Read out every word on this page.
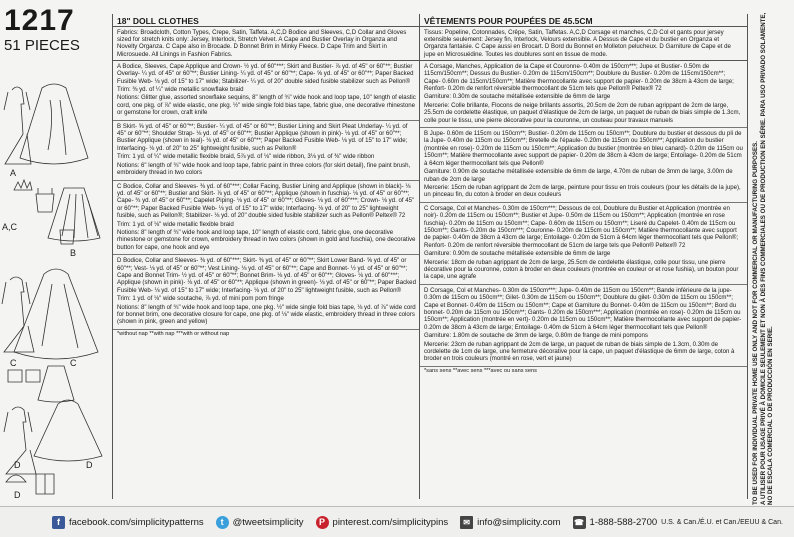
1217
51 PIECES
A
A,C
B
C	C
D	D
D
18" DOLL CLOTHES
Fabrics: Broadcloth, Cotton Types, Crepe, Satin, Taffeta. A,C,D Bodice and Sleeves, C,D Collar and Gloves sized for stretch knits only: Jersey, Interlock, Stretch Velvet. A Cape and Bustier Overlay in Organza and Novelty Organza. C Cape also in Brocade. D Bonnet Brim in Minky Fleece. D Cape Trim and Skirt in Microsuede. All Linings in Fashion Fabrics.

A Bodice, Sleeves, Cape Applique and Crown- ½ yd. of 60"***; Skirt and Bustier- ⅞ yd. of 45" or 60"**; Bustier Overlay- ¼ yd. of 45" or 60"**; Bustier Lining- ¼ yd. of 45" or 60"**; Cape- ⅝ yd. of 45" or 60"**; Paper Backed Fusible Web- ⅛ yd. of 15" to 17" wide; Stabilizer- ¼ yd. of 20" double sided fusible stabilizer such as Pellon®

Trim: ⅜ yd. of ¼" wide metallic snowflake braid

Notions: Glitter glue, assorted snowflake sequins, 8" length of ¾" wide hook and loop tape, 10" length of elastic cord, one pkg. of ⅞" wide elastic, one pkg. ½" wide single fold bias tape, fabric glue, one decorative rhinestone or gemstone for crown, craft knife

B Skirt- ⅝ yd. of 45" or 60"**; Bustier- ¼ yd. of 45" or 60"**; Bustier Lining and Skirt Pleat Underlay- ¼ yd. of 45" or 60"**; Shoulder Strap- ⅛ yd. of 45" or 60"**; Bustier Applique (shown in pink)- ⅛ yd. of 45" or 60"**; Bustier Applique (shown in teal)- ⅛ yd. of 45" or 60"**; Paper Backed Fusible Web- ⅛ yd. of 15" to 17" wide; Interfacing- ⅛ yd. of 20" to 25" lightweight fusible, such as Pellon®

Trim: 1 yd. of ¼" wide metallic flexible braid, 5⅞ yd. of ⅛" wide ribbon, 3⅛ yd. of ⅜" wide ribbon

Notions: 6" length of ¾" wide hook and loop tape, fabric paint in three colors (for skirt detail), fine paint brush, embroidery thread in two colors

C Bodice, Collar and Sleeves- ⅜ yd. of 60"***; Collar Facing, Bustier Lining and Applique (shown in black)- ⅛ yd. of 45" or 60"**; Bustier and Skirt- ⅞ yd. of 45" or 60"**; Applique (shown in fuschia)- ⅛ yd. of 45" or 60"**; Cape- ¾ yd. of 45" or 60"**; Capelet Piping- ⅛ yd. of 45" or 60"**; Gloves- ⅛ yd. of 60"***; Crown- ⅛ yd. of 45" or 60"**; Paper Backed Fusible Web- ⅛ yd. of 15" to 17" wide; Interfacing- ⅛ yd. of 20" to 25" lightweight fusible, such as Pellon®; Stabilizer- ⅛ yd. of 20" double sided fusible stabilizer such as Pellon® Peltex® 72

Trim: 1 yd. of ⅛" wide metallic flexible braid

Notions: 8" length of ¾" wide hook and loop tape, 10" length of elastic cord, fabric glue, one decorative rhinestone or gemstone for crown, embroidery thread in two colors (shown in gold and fuschia), one decorative button for cape, one hook and eye

D Bodice, Collar and Sleeves- ⅜ yd. of 60"***; Skirt- ⅜ yd. of 45" or 60"**; Skirt Lower Band- ⅝ yd. of 45" or 60"**; Vest- ⅛ yd. of 45" or 60"**; Vest Lining- ⅛ yd. of 45" or 60"**; Cape and Bonnet- ½ yd. of 45" or 60"**; Cape and Bonnet Trim- ½ yd. of 45" or 60"**; Bonnet Brim- ⅛ yd. of 45" or 60"**; Gloves- ⅛ yd. of 60"***; Applique (shown in pink)- ⅛ yd. of 45" or 60"**; Applique (shown in green)- ⅛ yd. of 45" or 60"**; Paper Backed Fusible Web- ⅛ yd. of 15" to 17" wide; Interfacing- ⅛ yd. of 20" to 25" lightweight fusible, such as Pellon®

Trim: 1 yd. of ⅛" wide soutache, ⅞ yd. of mini pom pom fringe

Notions: 8" length of ¾" wide hook and loop tape, one pkg. ½" wide single fold bias tape, ⅛ yd. of ⅞" wide cord for bonnet brim, one decorative closure for cape, one pkg. of ⅛" wide elastic, embroidery thread in three colors (shown in pink, green and yellow)

*without nap **with nap ***with or without nap
VÊTEMENTS POUR POUPÉES DE 45.5CM
Tissus: Popeline, Cotonnades, Crêpe, Satin, Taffetas. A,C,D Corsage et manches, C,D Col et gants pour jersey extensible seulement: Jersey fin, Interlock, Velours extensible. A Dessus de Cape et du bustier en Organza et Organza fantaisie. C Cape aussi en Brocart. D Bord du Bonnet en Molleton pelucheux. D Garniture de Cape et de jupe en Microsuédine. Toutes les doublures sont en tissue de mode.

A Corsage, Manches, Application de la Cape et Couronne- 0.40m de 150cm***; Jupe et Bustier- 0.50m de 115cm/150cm**; Dessus du Bustier- 0.20m de 115cm/150cm**; Doublure du Bustier- 0.20m de 115cm/150cm**; Cape- 0.60m de 115cm/150cm**; Matière thermocollante avec support de papier- 0.20m de 38cm à 43cm de large; Renfort- 0.20m de renfort réversible thermocollant de 51cm tels que Pellon® Peltex® 72

Garniture: 0.30m de soutache métallisée extensible de 6mm de large

Mercerie: Colle brillante, Flocons de neige brillants assortis, 20.5cm de 2cm de ruban agrippant de 2cm de large, 25.5cm de cordelette élastique, un paquet d'élastique de 2cm de large, un paquet de ruban de biais simple de 1.3cm, colle pour le tissu, une pierre décorative pour la couronne, un couteau pour travaux manuels

B Jupe- 0.60m de 115cm ou 150cm**; Bustier- 0.20m de 115cm ou 150cm**; Doublure du bustier et dessous du pli de la Jupe- 0.40m de 115cm ou 150cm**; Bretelle de l'épaule- 0.20m de 115cm ou 150cm**; Application du bustier (montrée en rose)- 0.20m de 115cm ou 150cm**; Application du bustier (montrée en bleu canard)- 0.20m de 115cm ou 150cm**; Matière thermocollante avec support de papier- 0.20m de 38cm à 43cm de large; Entoilage- 0.20m de 51cm à 64cm léger thermocollant tels que Pellon®

Garniture: 0.90m de soutache métallisée extensible de 6mm de large, 4.70m de ruban de 3mm de large, 3.00m de ruban de 2cm de large

Mercerie: 15cm de ruban agrippant de 2cm de large, peinture pour tissu en trois couleurs (pour les détails de la jupe), un pinceau fin, du coton à broder en deux couleurs

C Corsage, Col et Manches- 0.30m de 150cm***; Dessous de col, Doublure du Bustier et Application (montrée en noir)- 0.20m de 115cm ou 150cm**; Bustier et Jupe- 0.50m de 115cm ou 150cm**; Application (montrée en rose fuschia)- 0.20m de 115cm ou 150cm**; Cape- 0.60m de 115cm ou 150cm**; Liseré du Capelet- 0.40m de 115cm ou 150cm**; Gants- 0.20m de 150cm***; Couronne- 0.20m de 115cm ou 150cm**; Matière thermocollante avec support de papier- 0.40m de 38cm à 43cm de large; Entoilage- 0.20m de 51cm à 64cm léger thermocollant tels que Pellon®; Renfort- 0.20m de renfort réversible thermocollant de 51cm de large tels que Pellon® Peltex® 72

Garniture: 0.90m de soutache métallisée extensible de 6mm de large

Mercerie: 18cm de ruban agrippant de 2cm de large, 25.5cm de cordelette élastique, colle pour tissu, une pierre décorative pour la couronne, coton à broder en deux couleurs (montrée en couleur or et rose fushia), un bouton pour la cape, une agrafe

D Corsage, Col et Manches- 0.30m de 150cm***; Jupe- 0.40m de 115cm ou 150cm**; Bande inférieure de la jupe- 0.30m de 115cm ou 150cm**; Gilet- 0.30m de 115cm ou 150cm**; Doublure du gilet- 0.30m de 115cm ou 150cm**; Cape et Bonnet- 0.40m de 115cm ou 150cm**; Cape et Garniture du Bonnet- 0.40m de 115cm ou 150cm**; Bord du bonnet- 0.20m de 115cm ou 150cm**; Gants- 0.20m de 150cm***; Application (montrée en rose)- 0.20m de 115cm ou 150cm**; Application (montrée en vert)- 0.20m de 115cm ou 150cm**; Matière thermocollante avec support de papier- 0.20m de 38cm à 43cm de large; Entoilage- 0.40m de 51cm à 64cm léger thermocollant tels que Pellon®

Garniture: 1.80m de soutache de 3mm de large, 0.80m de frange de mini pompons

Mercerie: 23cm de ruban agrippant de 2cm de large, un paquet de ruban de biais simple de 1.3cm, 0.30m de cordelette de 1cm de large, une fermeture décorative pour la cape, un paquet d'élastique de 6mm de large, coton à broder en trois couleurs (montré en rose, vert et jaune)

*sans sens **avec sens ***avec ou sans sens	TO BE USED FOR INDIVIDUAL PRIVATE HOME USE ONLY AND NOT FOR COMMERCIAL OR MANUFACTURING PURPOSES. A UTILISER POUR USAGE PRIVÉ À DOMICILE SEULEMENT ET NON À DES FINS COMMERCIALES OU DE PRODUCTION EN SÉRIE. PARA USO PRIVADO SOLAMENTE, NO DE ESCALA COMERCIAL O DE PRODUCCIÓN EN SERIE.
f facebook.com/simplicitypatterns	t @tweetsimplicity	P pinterest.com/simplicitypins	✉ info@simplicity.com ☎ 1-888-588-2700 U.S. & Can./É.U. et Can./EEUU & Can.
